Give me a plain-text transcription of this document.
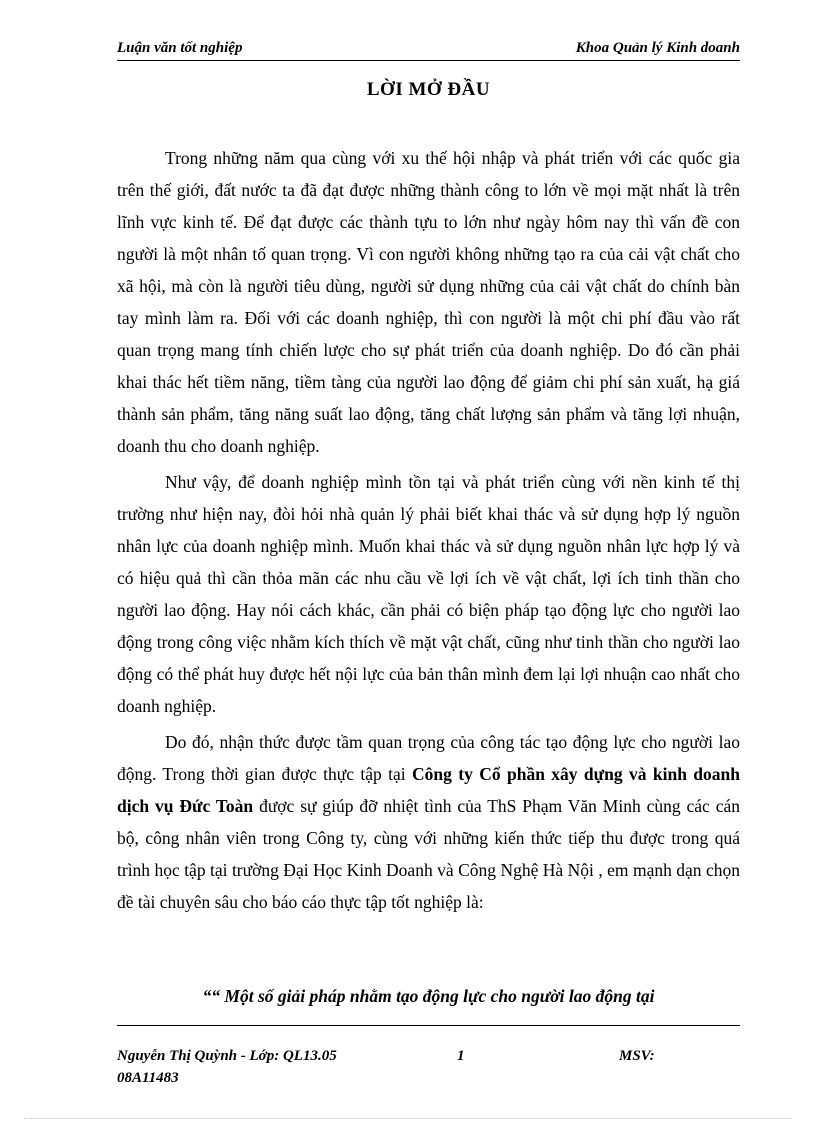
Luận văn tốt nghiệp	Khoa Quản lý Kinh doanh
LỜI MỞ ĐẦU

Trong những năm qua cùng với xu thế hội nhập và phát triển với các quốc gia trên thế giới, đất nước ta đã đạt được những thành công to lớn về mọi mặt nhất là trên lĩnh vực kinh tế. Để đạt được các thành tựu to lớn như ngày hôm nay thì vấn đề con người là một nhân tố quan trọng. Vì con người không những tạo ra của cải vật chất cho xã hội, mà còn là người tiêu dùng, người sử dụng những của cải vật chất do chính bàn tay mình làm ra. Đối với các doanh nghiệp, thì con người là một chi phí đầu vào rất quan trọng mang tính chiến lược cho sự phát triển của doanh nghiệp. Do đó cần phải khai thác hết tiềm năng, tiềm tàng của người lao động để giảm chi phí sản xuất, hạ giá thành sản phẩm, tăng năng suất lao động, tăng chất lượng sản phẩm và tăng lợi nhuận, doanh thu cho doanh nghiệp.

Như vậy, để doanh nghiệp mình tồn tại và phát triển cùng với nền kinh tế thị trường như hiện nay, đòi hỏi nhà quản lý phải biết khai thác và sử dụng hợp lý nguồn nhân lực của doanh nghiệp mình. Muốn khai thác và sử dụng nguồn nhân lực hợp lý và có hiệu quả thì cần thỏa mãn các nhu cầu về lợi ích về vật chất, lợi ích tinh thần cho người lao động. Hay nói cách khác, cần phải có biện pháp tạo động lực cho người lao động trong công việc nhằm kích thích về mặt vật chất, cũng như tinh thần cho người lao động có thể phát huy được hết nội lực của bản thân mình đem lại lợi nhuận cao nhất cho doanh nghiệp.

Do đó, nhận thức được tầm quan trọng của công tác tạo động lực cho người lao động. Trong thời gian được thực tập tại Công ty Cổ phần xây dựng và kinh doanh dịch vụ Đức Toàn được sự giúp đỡ nhiệt tình của ThS Phạm Văn Minh cùng các cán bộ, công nhân viên trong Công ty, cùng với những kiến thức tiếp thu được trong quá trình học tập tại trường Đại Học Kinh Doanh và Công Nghệ Hà Nội , em mạnh dạn chọn đề tài chuyên sâu cho báo cáo thực tập tốt nghiệp là:

““ Một số giải pháp nhằm tạo động lực cho người lao động tại
Nguyễn Thị Quỳnh - Lớp: QL13.05	1	MSV:
08A11483
